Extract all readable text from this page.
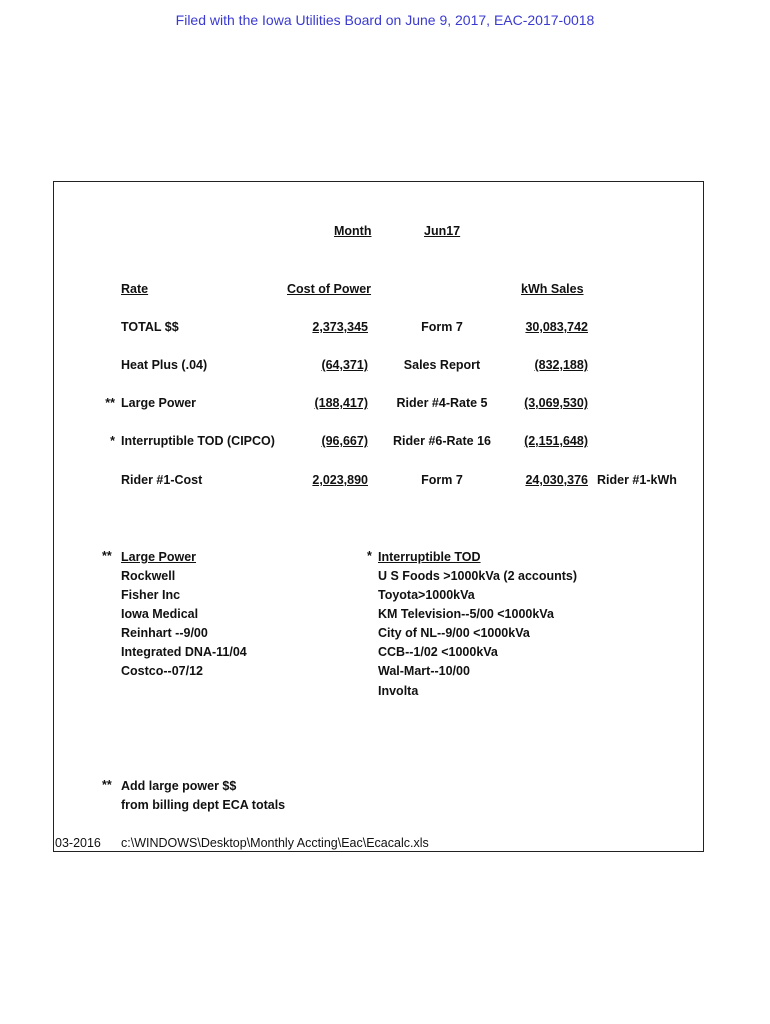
Filed with the Iowa Utilities Board on June 9, 2017, EAC-2017-0018
Month	Jun17
Rate	Cost of Power	kWh Sales
TOTAL $$	2,373,345	Form 7	30,083,742
Heat Plus (.04)	(64,371)	Sales Report	(832,188)
** Large Power	(188,417)	Rider #4-Rate 5	(3,069,530)
* Interruptible TOD (CIPCO)	(96,667)	Rider #6-Rate 16	(2,151,648)
Rider #1-Cost	2,023,890	Form 7	24,030,376 Rider #1-kWh
** Large Power
Rockwell
Fisher Inc
Iowa Medical
Reinhart --9/00
Integrated DNA-11/04
Costco--07/12
* Interruptible TOD
U S Foods >1000kVa (2 accounts)
Toyota>1000kVa
KM Television--5/00 <1000kVa
City of NL--9/00 <1000kVa
CCB--1/02 <1000kVa
Wal-Mart--10/00
Involta
** Add large power $$
from billing dept ECA totals
03-2016 c:\WINDOWS\Desktop\Monthly Accting\Eac\Ecacalc.xls
